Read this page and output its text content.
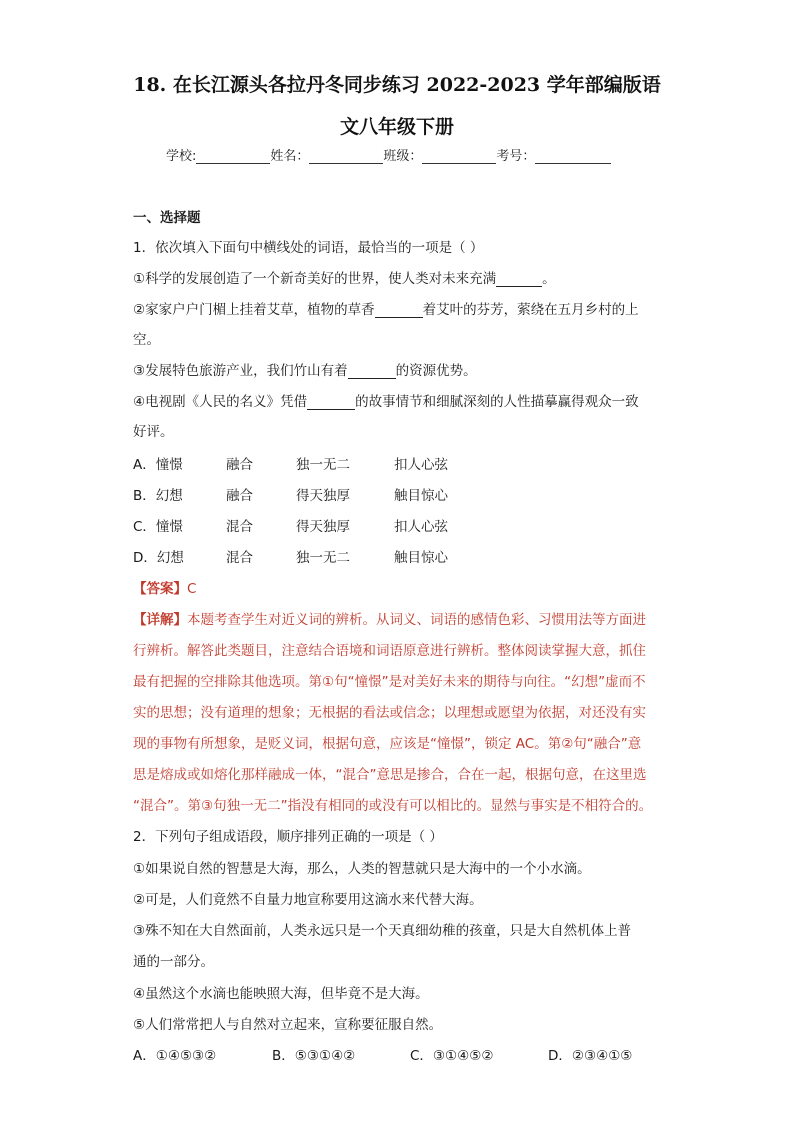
18. 在长江源头各拉丹冬同步练习 2022-2023 学年部编版语
文八年级下册
学校:	姓名：	班级：	考号：
一、选择题
1．依次填入下面句中横线处的词语，最恰当的一项是（ ）
①科学的发展创造了一个新奇美好的世界，使人类对未来充满	。
②家家户户门楣上挂着艾草，植物的草香	着艾叶的芬芳，萦绕在五月乡村的上
空。
③发展特色旅游产业，我们竹山有着	的资源优势。
④电视剧《人民的名义》凭借	的故事情节和细腻深刻的人性描摹赢得观众一致
好评。
A．憧憬	融合	独一无二	扣人心弦
B．幻想	融合	得天独厚	触目惊心
C．憧憬	混合	得天独厚	扣人心弦
D．幻想	混合	独一无二	触目惊心
【答案】C
【详解】本题考查学生对近义词的辨析。从词义、词语的感情色彩、习惯用法等方面进
行辨析。解答此类题目，注意结合语境和词语原意进行辨析。整体阅读掌握大意，抓住
最有把握的空排除其他选项。第①句“憧憬”是对美好未来的期待与向往。“幻想”虚而不
实的思想；没有道理的想象；无根据的看法或信念；以理想或愿望为依据，对还没有实
现的事物有所想象，是贬义词，根据句意，应该是“憧憬”，锁定 AC。第②句“融合”意
思是熔成或如熔化那样融成一体，“混合”意思是掺合，合在一起，根据句意，在这里选
“混合”。第③句独一无二”指没有相同的或没有可以相比的。显然与事实是不相符合的。
2．下列句子组成语段，顺序排列正确的一项是（ ）
①如果说自然的智慧是大海，那么，人类的智慧就只是大海中的一个小水滴。
②可是，人们竟然不自量力地宣称要用这滴水来代替大海。
③殊不知在大自然面前，人类永远只是一个天真细幼稚的孩童，只是大自然机体上普
通的一部分。
④虽然这个水滴也能映照大海，但毕竟不是大海。
⑤人们常常把人与自然对立起来，宣称要征服自然。
A．①④⑤③②	B．⑤③①④②	C．③①④⑤②	D．②③④①⑤
